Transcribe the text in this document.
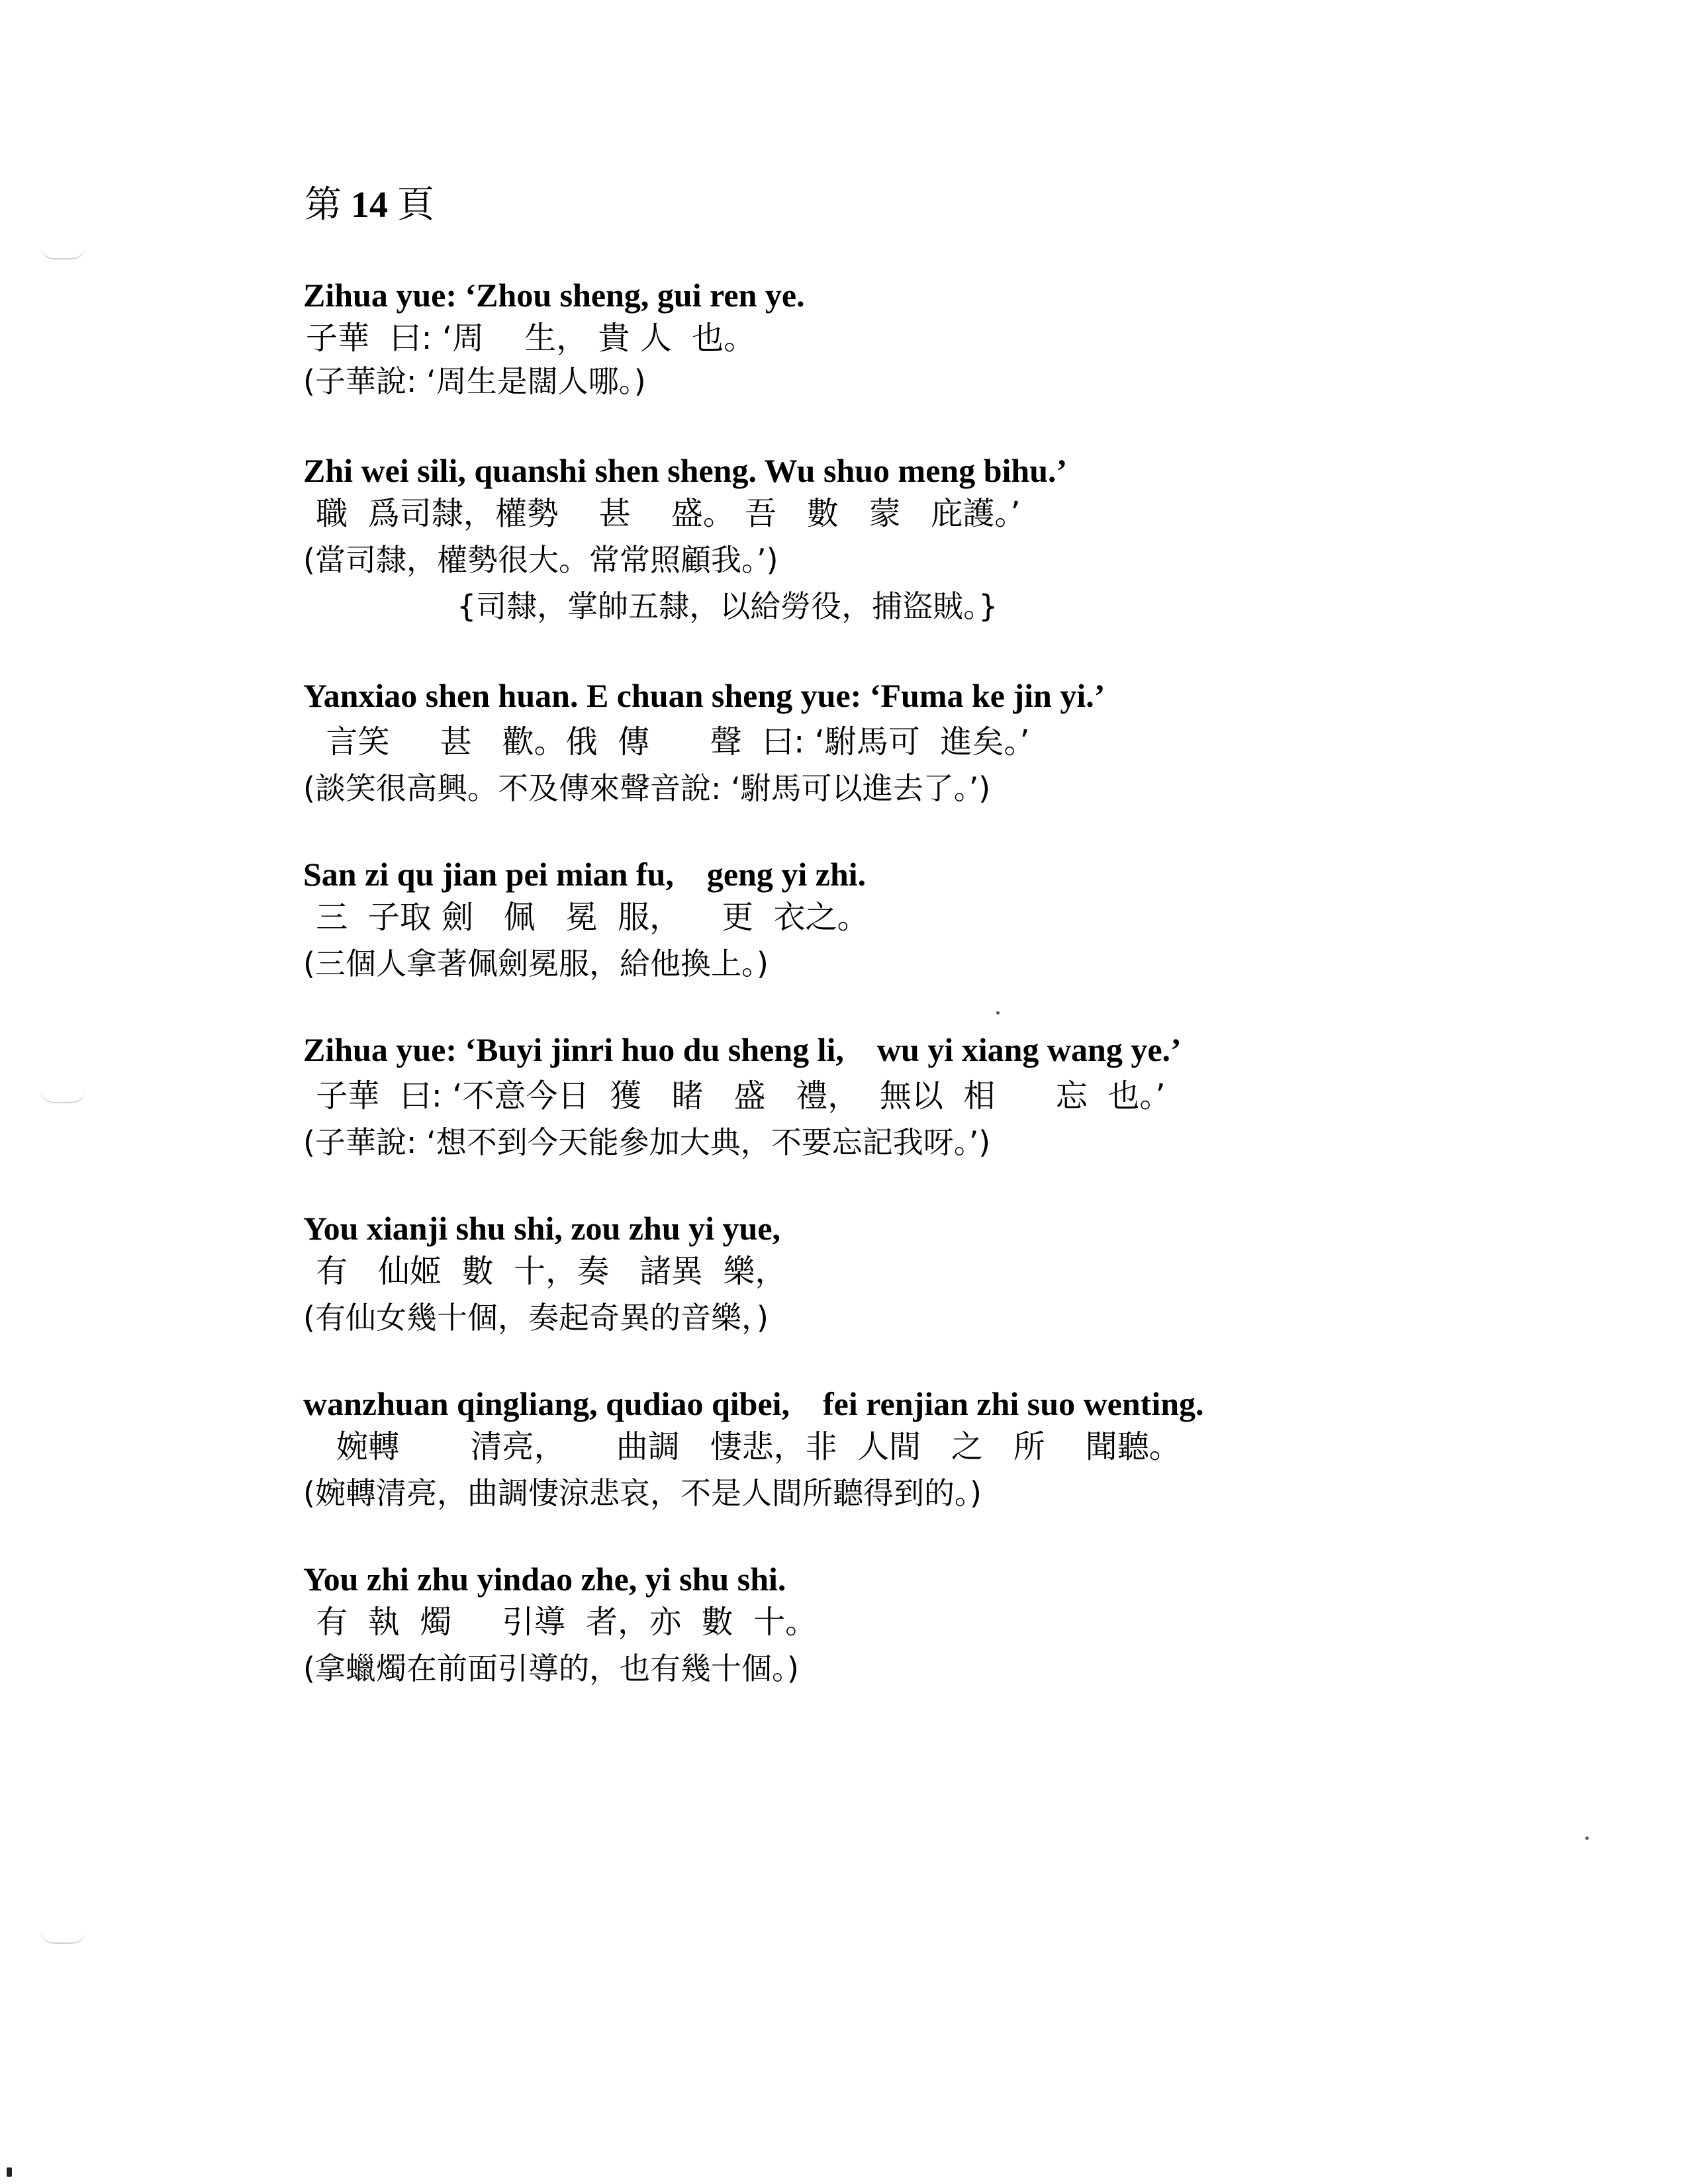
第 14 頁
Zihua yue: ‘Zhou sheng, gui ren ye.
子華  曰: ‘周    生， 貴 人  也。
(子華說: ‘周生是闊人哪。)
Zhi wei sili, quanshi shen sheng. Wu shuo meng bihu.’
職  爲司隸，權勢    甚    盛。 吾   數   蒙   庇護。’
(當司隸，權勢很大。常常照顧我。’)
{司隸，掌帥五隸，以給勞役，捕盜賊。}
Yanxiao shen huan. E chuan sheng yue: ‘Fuma ke jin yi.’
言笑     甚   歡。俄  傳      聲  曰: ‘駙馬可  進矣。’
(談笑很高興。不及傳來聲音說: ‘駙馬可以進去了。’)
San zi qu jian pei mian fu,    geng yi zhi.
三  子取 劍   佩   冕  服，    更  衣之。
(三個人拿著佩劍冕服，給他換上。)
Zihua yue: ‘Buyi jinri huo du sheng li,    wu yi xiang wang ye.’
子華  曰: ‘不意今日  獲   睹   盛   禮，  無以  相      忘  也。’
(子華說: ‘想不到今天能參加大典，不要忘記我呀。’)
You xianji shu shi, zou zhu yi yue,
有   仙姬  數  十，奏   諸異  樂，
(有仙女幾十個，奏起奇異的音樂，)
wanzhuan qingliang, qudiao qibei,    fei renjian zhi suo wenting.
婉轉       清亮，     曲調   悽悲，非  人間   之   所    聞聽。
(婉轉清亮，曲調悽涼悲哀，不是人間所聽得到的。)
You zhi zhu yindao zhe, yi shu shi.
有  執  燭     引導  者，亦  數  十。
(拿蠟燭在前面引導的，也有幾十個。)
